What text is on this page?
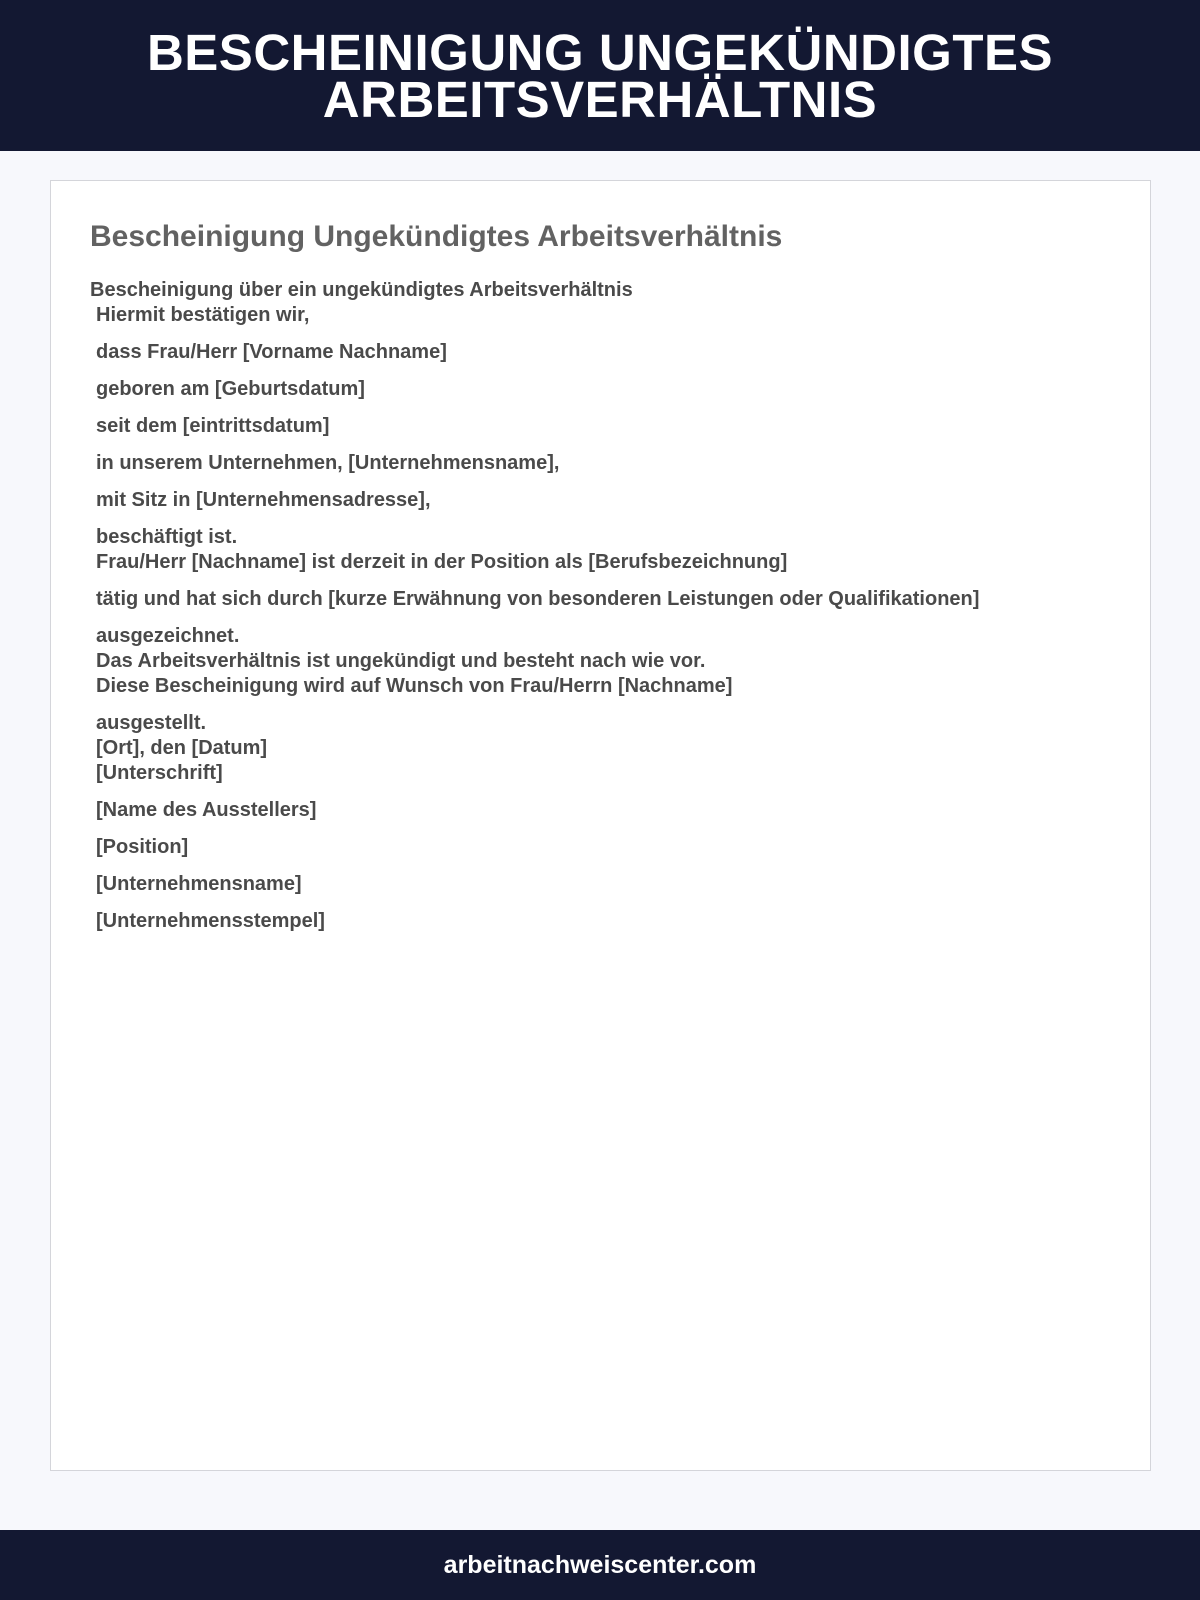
BESCHEINIGUNG UNGEKÜNDIGTES ARBEITSVERHÄLTNIS
Bescheinigung Ungekündigtes Arbeitsverhältnis
Bescheinigung über ein ungekündigtes Arbeitsverhältnis
Hiermit bestätigen wir,
dass Frau/Herr [Vorname Nachname]
geboren am [Geburtsdatum]
seit dem [eintrittsdatum]
in unserem Unternehmen, [Unternehmensname],
mit Sitz in [Unternehmensadresse],
beschäftigt ist.
Frau/Herr [Nachname] ist derzeit in der Position als [Berufsbezeichnung]
tätig und hat sich durch [kurze Erwähnung von besonderen Leistungen oder Qualifikationen]
ausgezeichnet.
Das Arbeitsverhältnis ist ungekündigt und besteht nach wie vor.
Diese Bescheinigung wird auf Wunsch von Frau/Herrn [Nachname]
ausgestellt.
[Ort], den [Datum]
[Unterschrift]
[Name des Ausstellers]
[Position]
[Unternehmensname]
[Unternehmensstempel]
arbeitnachweiscenter.com
